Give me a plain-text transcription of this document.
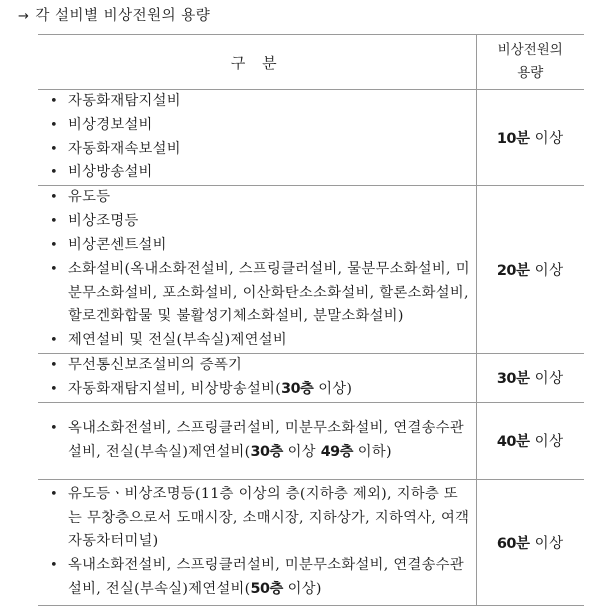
→ 각 설비별 비상전원의 용량
구 분	비상전원의
용량

• 자동화재탐지설비
• 비상경보설비
• 자동화재속보설비
• 비상방송설비
	10분 이상

• 유도등
• 비상조명등
• 비상콘센트설비
• 소화설비(옥내소화전설비, 스프링클러설비, 물분무소화설비, 미분무소화설비, 포소화설비, 이산화탄소소화설비, 할론소화설비, 할로겐화합물 및 불활성기체소화설비, 분말소화설비)
• 제연설비 및 전실(부속실)제연설비
	20분 이상

• 무선통신보조설비의 증폭기
• 자동화재탐지설비, 비상방송설비(30층 이상)
	30분 이상

• 옥내소화전설비, 스프링클러설비, 미분무소화설비, 연결송수관설비, 전실(부속실)제연설비(30층 이상 49층 이하)
	40분 이상

• 유도등ㆍ비상조명등(11층 이상의 층(지하층 제외), 지하층 또는 무창층으로서 도매시장, 소매시장, 지하상가, 지하역사, 여객자동차터미널)
• 옥내소화전설비, 스프링클러설비, 미분무소화설비, 연결송수관설비, 전실(부속실)제연설비(50층 이상)
	60분 이상
